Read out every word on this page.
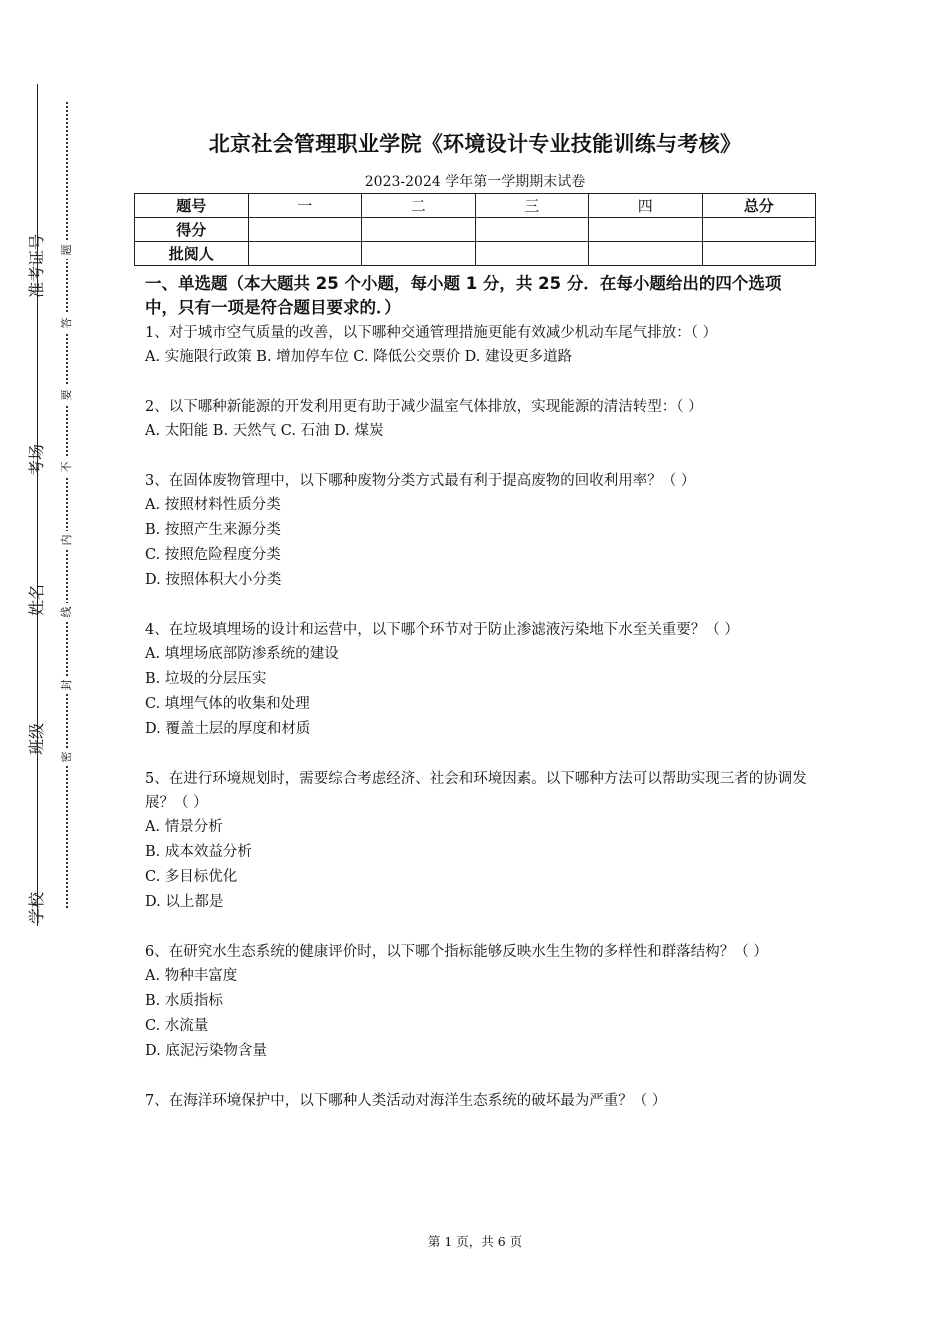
准考证号
考场
姓名
班级
学校
题
答
要
不
内
线
封
密
北京社会管理职业学院《环境设计专业技能训练与考核》
2023-2024 学年第一学期期末试卷
题号	一	二	三	四	总分
得分					
批阅人					
一、单选题（本大题共 25 个小题，每小题 1 分，共 25 分．在每小题给出的四个选项中，只有一项是符合题目要求的．）

1、对于城市空气质量的改善，以下哪种交通管理措施更能有效减少机动车尾气排放：（ ）

A. 实施限行政策 B. 增加停车位 C. 降低公交票价 D. 建设更多道路

2、以下哪种新能源的开发利用更有助于减少温室气体排放，实现能源的清洁转型：（ ）

A. 太阳能 B. 天然气 C. 石油 D. 煤炭

3、在固体废物管理中，以下哪种废物分类方式最有利于提高废物的回收利用率？（ ）

A. 按照材料性质分类

B. 按照产生来源分类

C. 按照危险程度分类

D. 按照体积大小分类

4、在垃圾填埋场的设计和运营中，以下哪个环节对于防止渗滤液污染地下水至关重要？（ ）

A. 填埋场底部防渗系统的建设

B. 垃圾的分层压实

C. 填埋气体的收集和处理

D. 覆盖土层的厚度和材质

5、在进行环境规划时，需要综合考虑经济、社会和环境因素。以下哪种方法可以帮助实现三者的协调发展？（ ）

A. 情景分析

B. 成本效益分析

C. 多目标优化

D. 以上都是

6、在研究水生态系统的健康评价时，以下哪个指标能够反映水生生物的多样性和群落结构？（ ）

A. 物种丰富度

B. 水质指标

C. 水流量

D. 底泥污染物含量

7、在海洋环境保护中，以下哪种人类活动对海洋生态系统的破坏最为严重？（ ）

第 1 页，共 6 页
